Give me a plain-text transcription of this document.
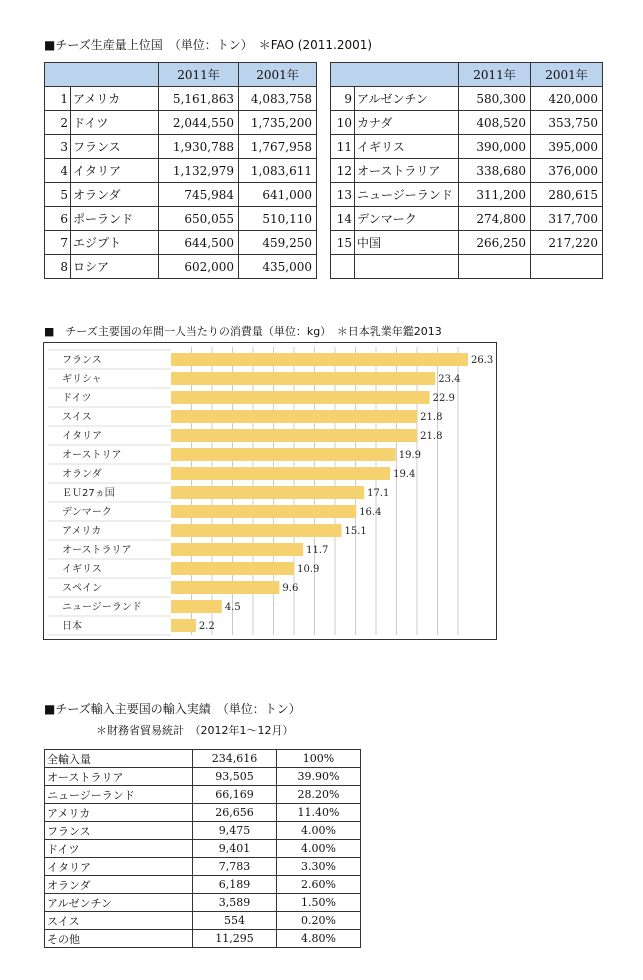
■チーズ生産量上位国　（単位：トン）　＊FAO (2011.2001)
		2011年	2001年
1	アメリカ	5,161,863	4,083,758
2	ドイツ	2,044,550	1,735,200
3	フランス	1,930,788	1,767,958
4	イタリア	1,132,979	1,083,611
5	オランダ	745,984	641,000
6	ポーランド	650,055	510,110
7	エジプト	644,500	459,250
8	ロシア	602,000	435,000
		2011年	2001年
9	アルゼンチン	580,300	420,000
10	カナダ	408,520	353,750
11	イギリス	390,000	395,000
12	オーストラリア	338,680	376,000
13	ニュージーランド	311,200	280,615
14	デンマーク	274,800	317,700
15	中国	266,250	217,220

■　チーズ主要国の年間一人当たりの消費量（単位：kg）　＊日本乳業年鑑2013
フランス	26.3
ギリシャ	23.4
ドイツ	22.9
スイス	21.8
イタリア	21.8
オーストリア	19.9
オランダ	19.4
ＥＵ27ヵ国	17.1
デンマーク	16.4
アメリカ	15.1
オーストラリア	11.7
イギリス	10.9
スペイン	9.6
ニュージーランド	4.5
日本	2.2
■チーズ輸入主要国の輸入実績　（単位：トン）
＊財務省貿易統計　（2012年1～12月）
全輸入量	234,616	100%
オーストラリア	93,505	39.90%
ニュージーランド	66,169	28.20%
アメリカ	26,656	11.40%
フランス	9,475	4.00%
ドイツ	9,401	4.00%
イタリア	7,783	3.30%
オランダ	6,189	2.60%
アルゼンチン	3,589	1.50%
スイス	554	0.20%
その他	11,295	4.80%
